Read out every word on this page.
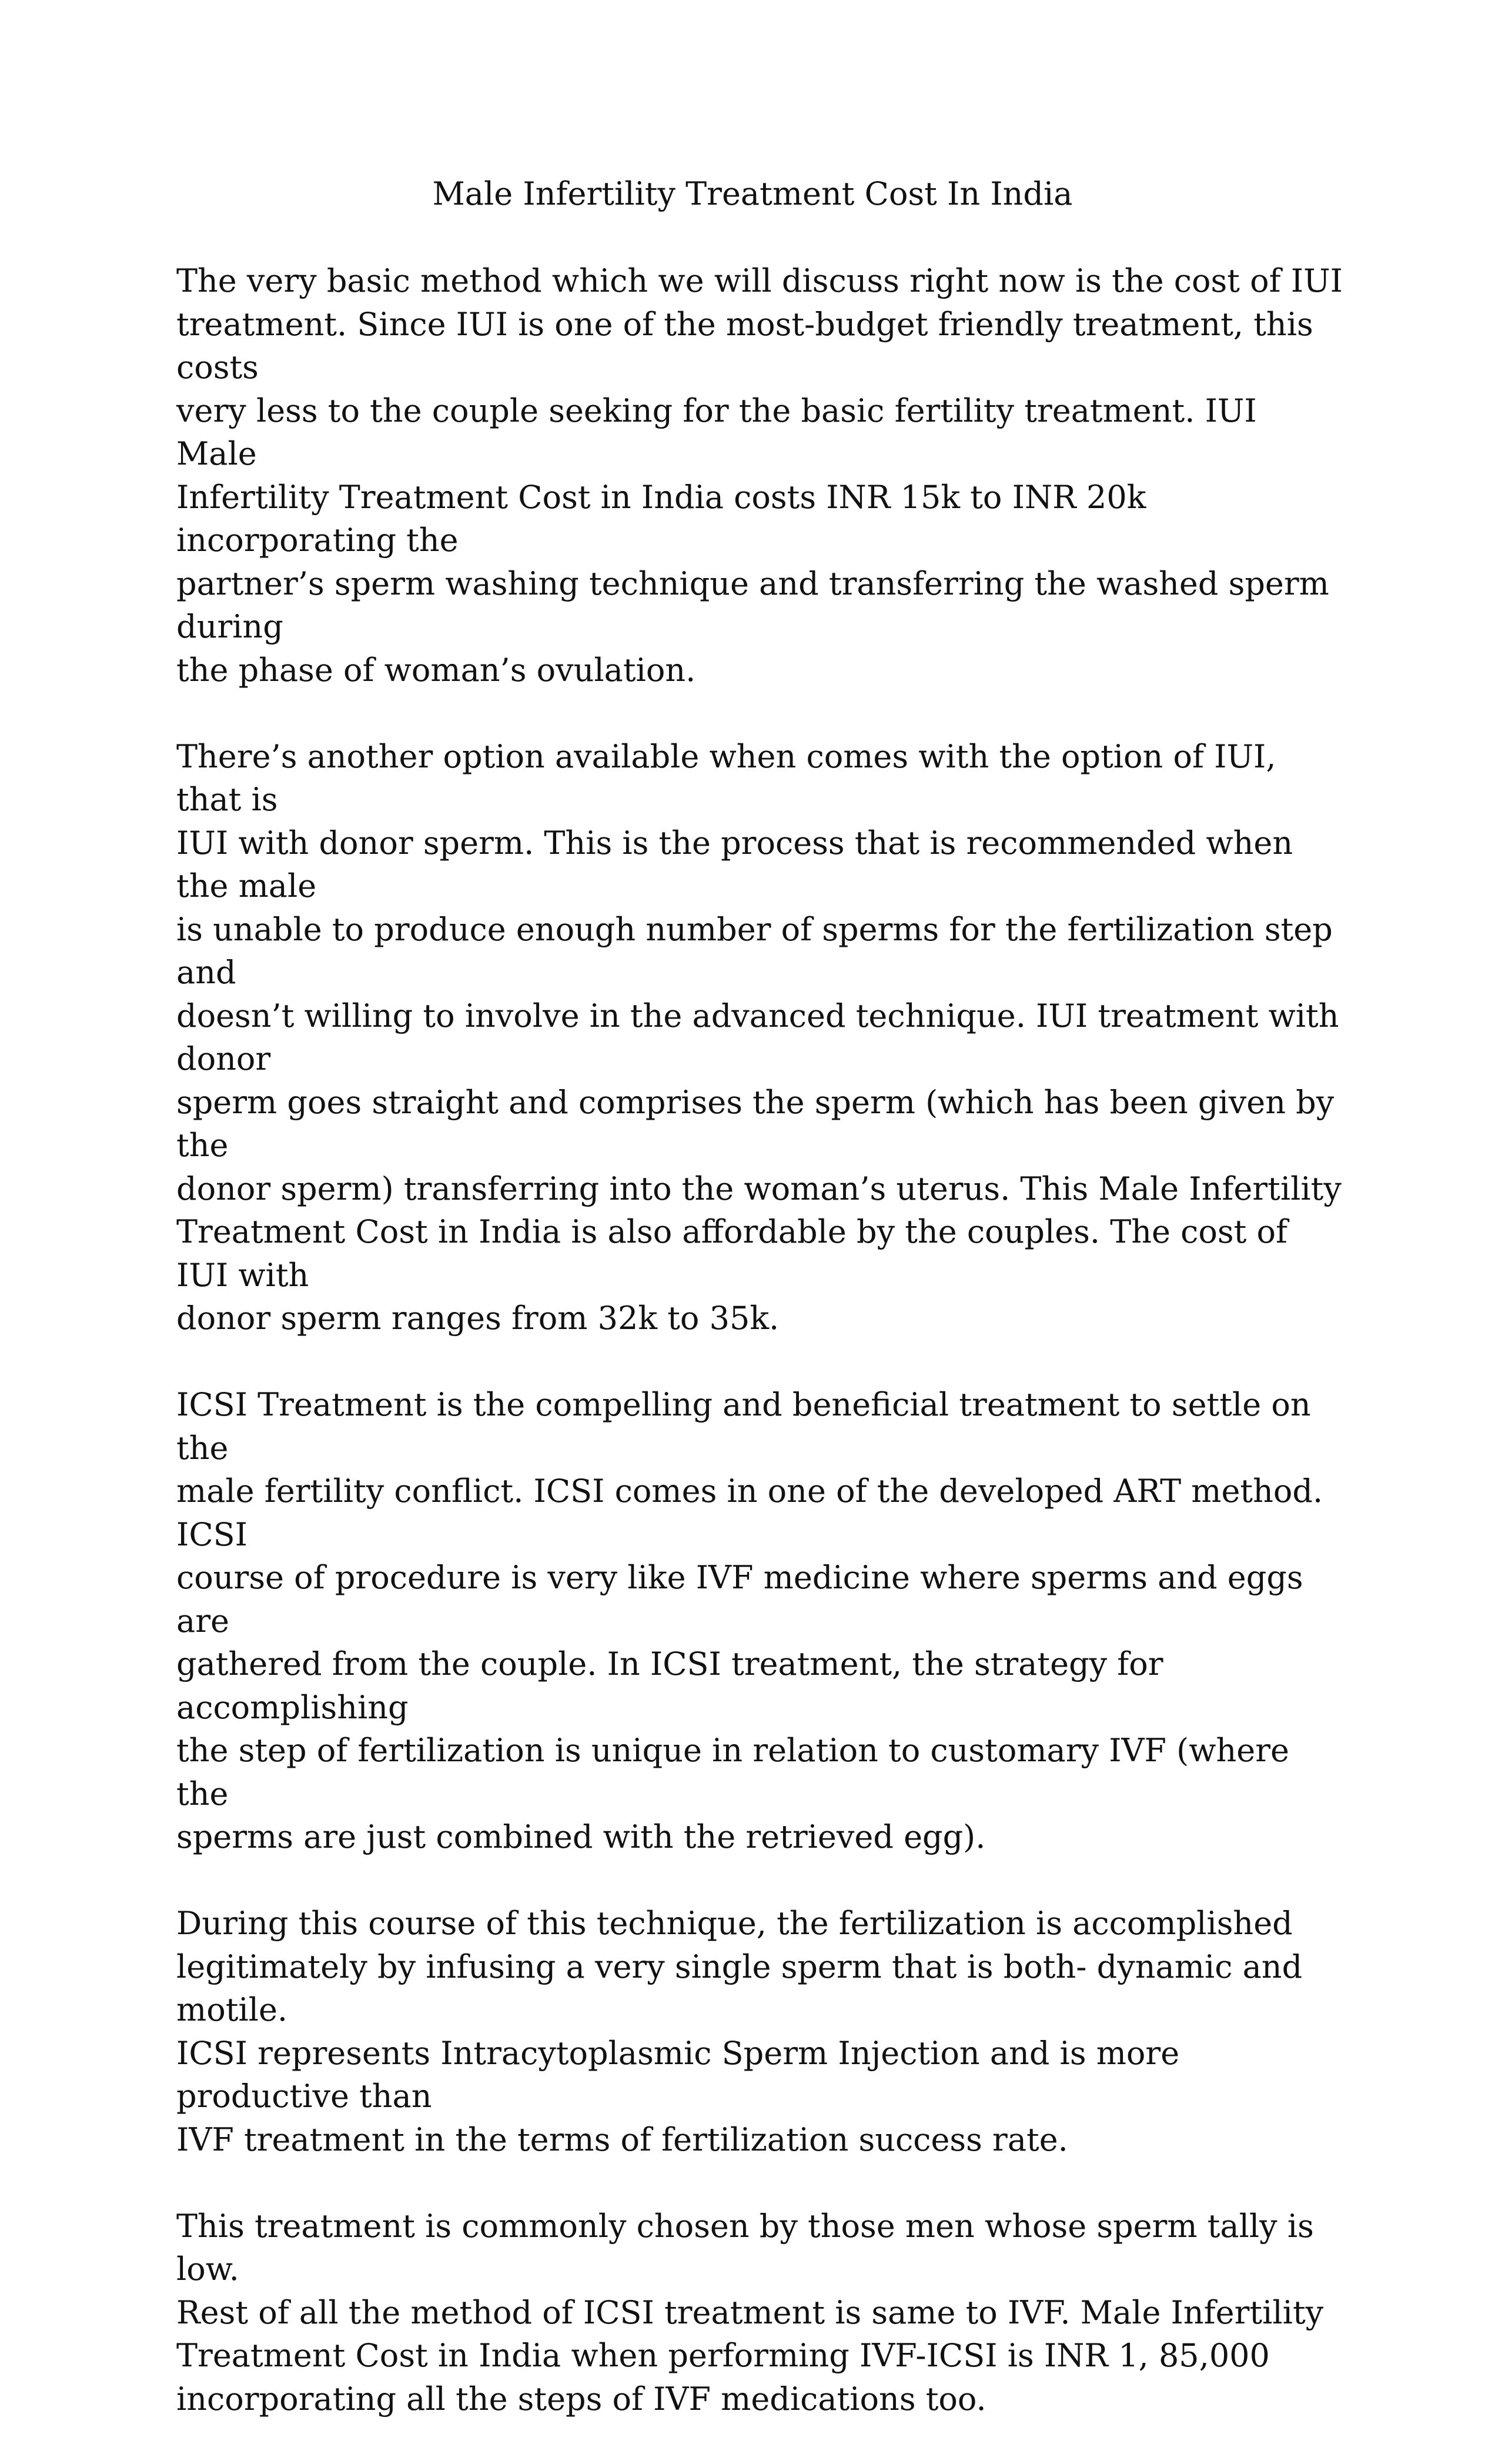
Male Infertility Treatment Cost In India

The very basic method which we will discuss right now is the cost of IUI
treatment. Since IUI is one of the most-budget friendly treatment, this costs
very less to the couple seeking for the basic fertility treatment. IUI Male
Infertility Treatment Cost in India costs INR 15k to INR 20k incorporating the
partner’s sperm washing technique and transferring the washed sperm during
the phase of woman’s ovulation.

There’s another option available when comes with the option of IUI, that is
IUI with donor sperm. This is the process that is recommended when the male
is unable to produce enough number of sperms for the fertilization step and
doesn’t willing to involve in the advanced technique. IUI treatment with donor
sperm goes straight and comprises the sperm (which has been given by the
donor sperm) transferring into the woman’s uterus. This Male Infertility
Treatment Cost in India is also affordable by the couples. The cost of IUI with
donor sperm ranges from 32k to 35k.

ICSI Treatment is the compelling and beneficial treatment to settle on the
male fertility conflict. ICSI comes in one of the developed ART method. ICSI
course of procedure is very like IVF medicine where sperms and eggs are
gathered from the couple. In ICSI treatment, the strategy for accomplishing
the step of fertilization is unique in relation to customary IVF (where the
sperms are just combined with the retrieved egg).

During this course of this technique, the fertilization is accomplished
legitimately by infusing a very single sperm that is both- dynamic and motile.
ICSI represents Intracytoplasmic Sperm Injection and is more productive than
IVF treatment in the terms of fertilization success rate.

This treatment is commonly chosen by those men whose sperm tally is low.
Rest of all the method of ICSI treatment is same to IVF. Male Infertility
Treatment Cost in India when performing IVF-ICSI is INR 1, 85,000
incorporating all the steps of IVF medications too.
